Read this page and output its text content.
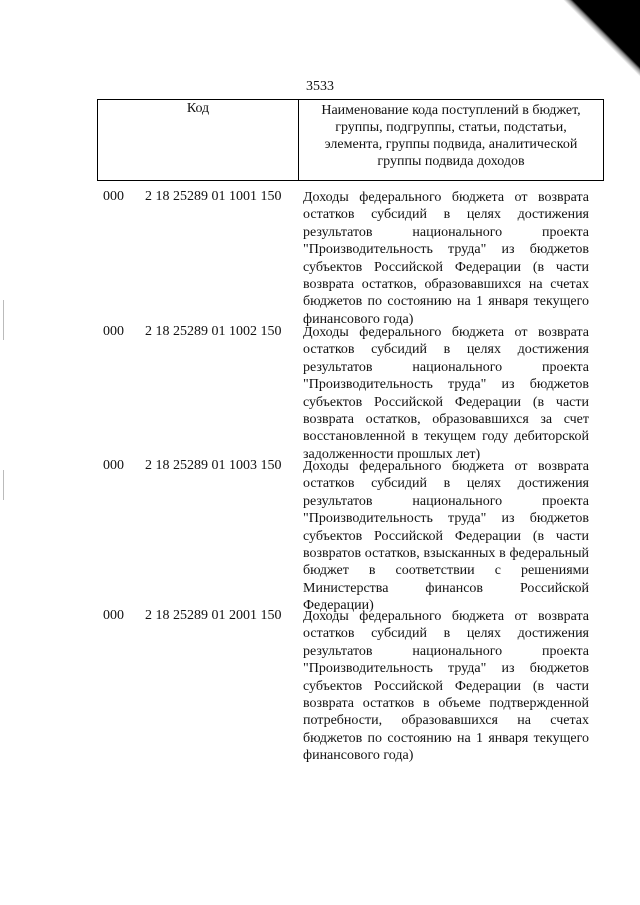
3533
Код	Наименование кода поступлений в бюджет, группы, подгруппы, статьи, подстатьи, элемента, группы подвида, аналитической группы подвида доходов
000 2 18 25289 01 1001 150 Доходы федерального бюджета от возврата остатков субсидий в целях достижения результатов национального проекта "Производительность труда" из бюджетов субъектов Российской Федерации (в части возврата остатков, образовавшихся на счетах бюджетов по состоянию на 1 января текущего финансового года)
000 2 18 25289 01 1002 150 Доходы федерального бюджета от возврата остатков субсидий в целях достижения результатов национального проекта "Производительность труда" из бюджетов субъектов Российской Федерации (в части возврата остатков, образовавшихся за счет восстановленной в текущем году дебиторской задолженности прошлых лет)
000 2 18 25289 01 1003 150 Доходы федерального бюджета от возврата остатков субсидий в целях достижения результатов национального проекта "Производительность труда" из бюджетов субъектов Российской Федерации (в части возвратов остатков, взысканных в федеральный бюджет в соответствии с решениями Министерства финансов Российской Федерации)
000 2 18 25289 01 2001 150 Доходы федерального бюджета от возврата остатков субсидий в целях достижения результатов национального проекта "Производительность труда" из бюджетов субъектов Российской Федерации (в части возврата остатков в объеме подтвержденной потребности, образовавшихся на счетах бюджетов по состоянию на 1 января текущего финансового года)
